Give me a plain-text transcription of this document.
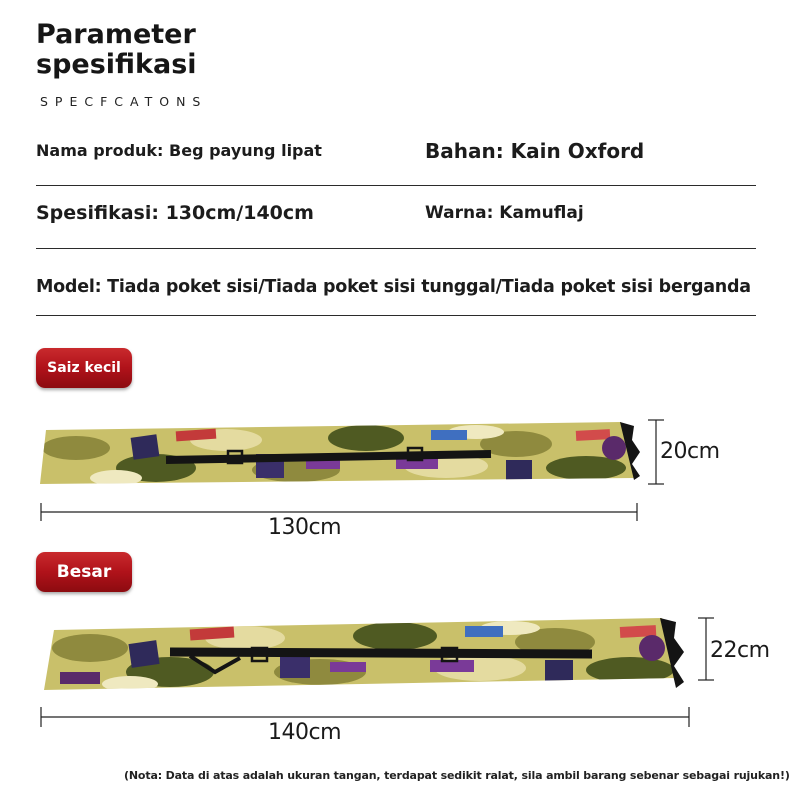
Parameter
spesifikasi
SPECFCATONS
Nama produk: Beg payung lipat	Bahan: Kain Oxford
Spesifikasi: 130cm/140cm	Warna: Kamuflaj
Model: Tiada poket sisi/Tiada poket sisi tunggal/Tiada poket sisi berganda
Saiz kecil
20cm
130cm
Besar
22cm
140cm
(Nota: Data di atas adalah ukuran tangan, terdapat sedikit ralat, sila ambil barang sebenar sebagai rujukan!)
